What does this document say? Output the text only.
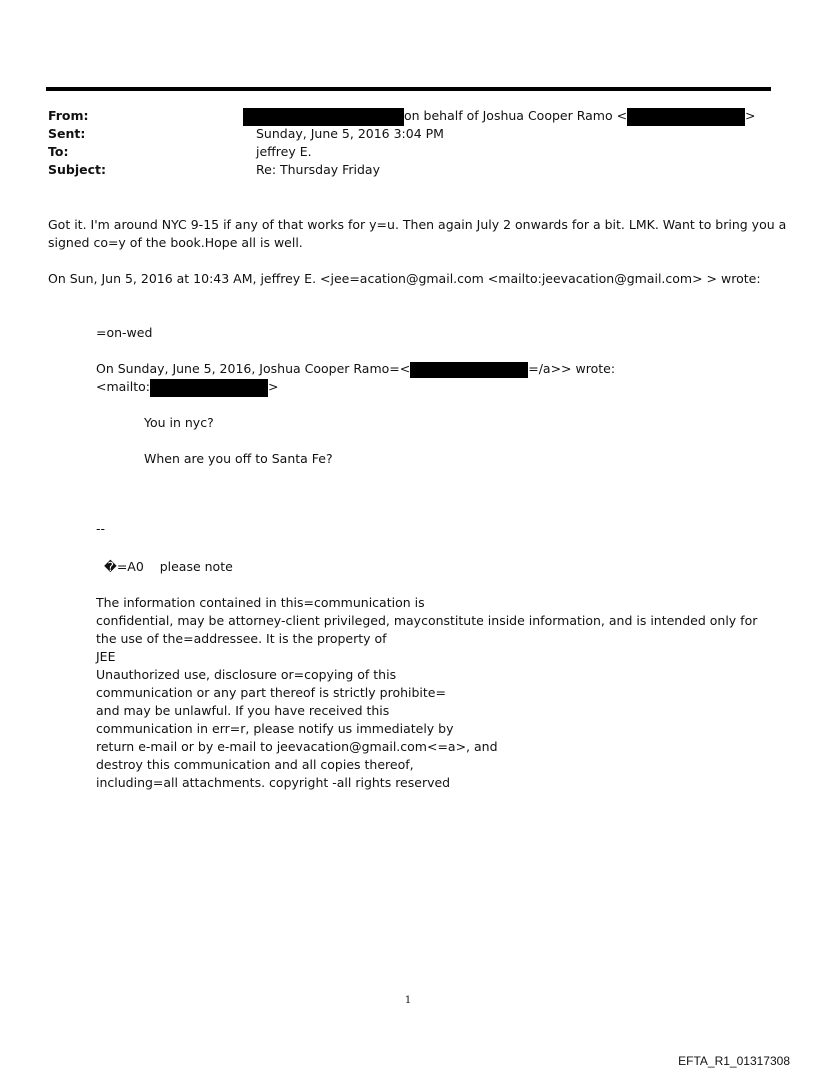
From:	on behalf of Joshua Cooper Ramo <	>
Sent:	Sunday, June 5, 2016 3:04 PM
To:	jeffrey E.
Subject:	Re: Thursday Friday
Got it. I'm around NYC 9-15 if any of that works for y=u. Then again July 2 onwards for a bit. LMK. Want to bring you a
signed co=y of the book.Hope all is well.
On Sun, Jun 5, 2016 at 10:43 AM, jeffrey E. <jee=acation@gmail.com <mailto:jeevacation@gmail.com> > wrote:
=on-wed
On Sunday, June 5, 2016, Joshua Cooper Ramo=<	=/a>> wrote:
<mailto:	>
You in nyc?
When are you off to Santa Fe?
--
�=A0    please note
The information contained in this=communication is
confidential, may be attorney-client privileged, mayconstitute inside information, and is intended only for
the use of the=addressee. It is the property of
JEE
Unauthorized use, disclosure or=copying of this
communication or any part thereof is strictly prohibite=
and may be unlawful. If you have received this
communication in err=r, please notify us immediately by
return e-mail or by e-mail to jeevacation@gmail.com<=a>, and
destroy this communication and all copies thereof,
including=all attachments. copyright -all rights reserved
1
EFTA_R1_01317308
